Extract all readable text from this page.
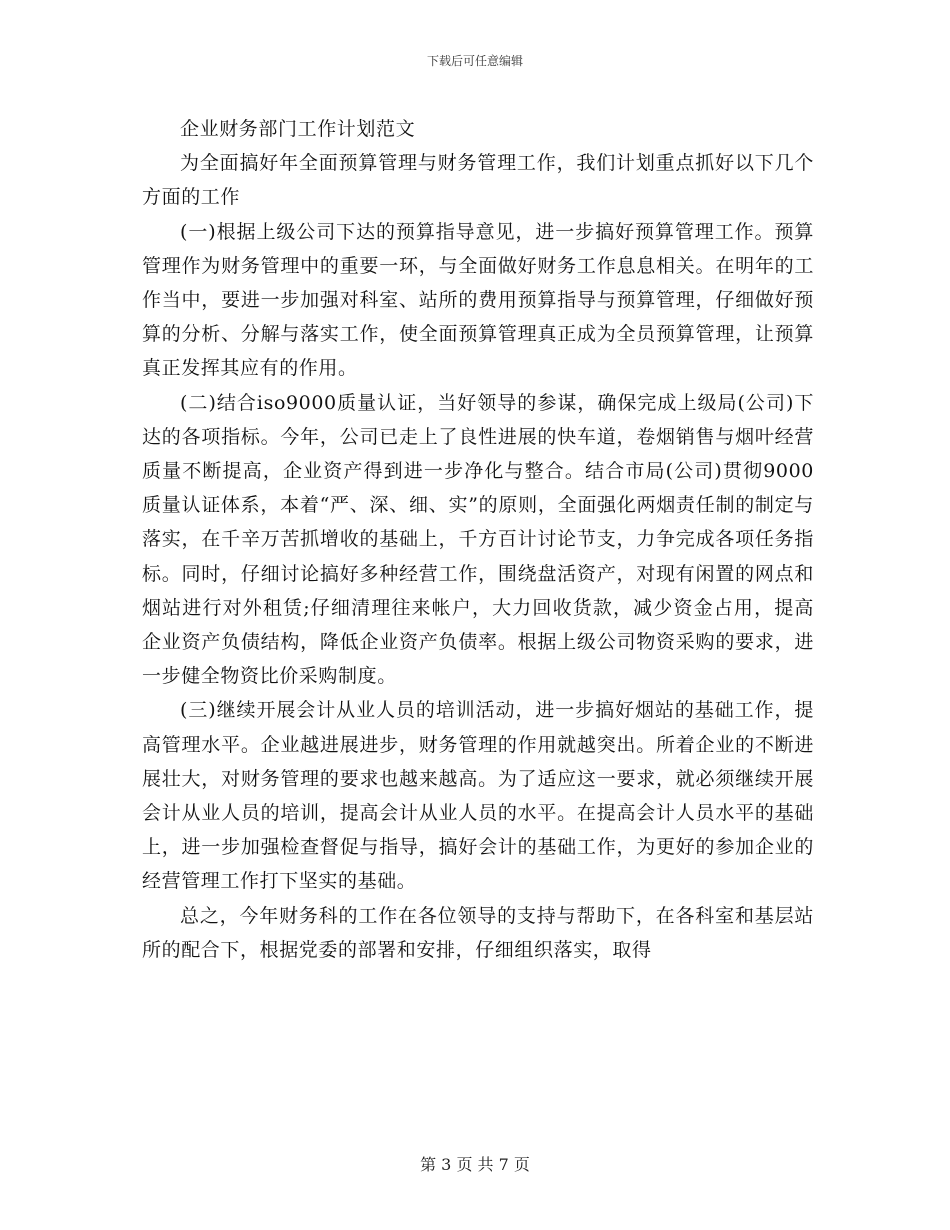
下载后可任意编辑

企业财务部门工作计划范文

为全面搞好年全面预算管理与财务管理工作，我们计划重点抓好以下几个方面的工作

(一)根据上级公司下达的预算指导意见，进一步搞好预算管理工作。预算管理作为财务管理中的重要一环，与全面做好财务工作息息相关。在明年的工作当中，要进一步加强对科室、站所的费用预算指导与预算管理，仔细做好预算的分析、分解与落实工作，使全面预算管理真正成为全员预算管理，让预算真正发挥其应有的作用。

(二)结合iso9000质量认证，当好领导的参谋，确保完成上级局(公司)下达的各项指标。今年，公司已走上了良性进展的快车道，卷烟销售与烟叶经营质量不断提高，企业资产得到进一步净化与整合。结合市局(公司)贯彻9000质量认证体系，本着“严、深、细、实”的原则，全面强化两烟责任制的制定与落实，在千辛万苦抓增收的基础上，千方百计讨论节支，力争完成各项任务指标。同时，仔细讨论搞好多种经营工作，围绕盘活资产，对现有闲置的网点和烟站进行对外租赁;仔细清理往来帐户，大力回收货款，减少资金占用，提高企业资产负债结构，降低企业资产负债率。根据上级公司物资采购的要求，进一步健全物资比价采购制度。

(三)继续开展会计从业人员的培训活动，进一步搞好烟站的基础工作，提高管理水平。企业越进展进步，财务管理的作用就越突出。所着企业的不断进展壮大，对财务管理的要求也越来越高。为了适应这一要求，就必须继续开展会计从业人员的培训，提高会计从业人员的水平。在提高会计人员水平的基础上，进一步加强检查督促与指导，搞好会计的基础工作，为更好的参加企业的经营管理工作打下坚实的基础。

总之，今年财务科的工作在各位领导的支持与帮助下，在各科室和基层站所的配合下，根据党委的部署和安排，仔细组织落实，取得

第 3 页 共 7 页
